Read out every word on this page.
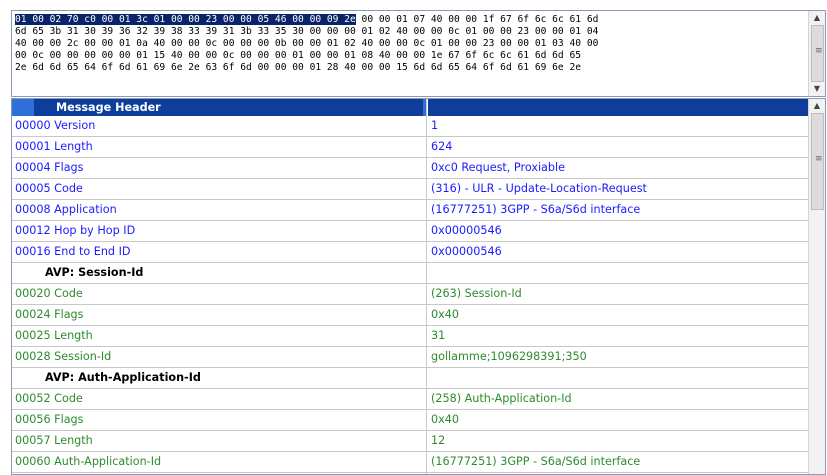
01 00 02 70 c0 00 01 3c 01 00 00 23 00 00 05 46 00 00 09 2e 00 00 01 07 40 00 00 1f 67 6f 6c 6c 61 6d
6d 65 3b 31 30 39 36 32 39 38 33 39 31 3b 33 35 30 00 00 00 01 02 40 00 00 0c 01 00 00 23 00 00 01 04
40 00 00 2c 00 00 01 0a 40 00 00 0c 00 00 00 0b 00 00 01 02 40 00 00 0c 01 00 00 23 00 00 01 03 40 00
00 0c 00 00 00 00 00 01 15 40 00 00 0c 00 00 00 01 00 00 01 08 40 00 00 1e 67 6f 6c 6c 61 6d 6d 65
2e 6d 6d 65 64 6f 6d 61 69 6e 2e 63 6f 6d 00 00 00 01 28 40 00 00 15 6d 6d 65 64 6f 6d 61 69 6e 2e
▲
≡
▼
Message Header
00000 Version	1
00001 Length	624
00004 Flags	0xc0 Request, Proxiable
00005 Code	(316) - ULR - Update-Location-Request
00008 Application	(16777251) 3GPP - S6a/S6d interface
00012 Hop by Hop ID	0x00000546
00016 End to End ID	0x00000546
AVP: Session-Id
00020 Code	(263) Session-Id
00024 Flags	0x40
00025 Length	31
00028 Session-Id	gollamme;1096298391;350
AVP: Auth-Application-Id
00052 Code	(258) Auth-Application-Id
00056 Flags	0x40
00057 Length	12
00060 Auth-Application-Id	(16777251) 3GPP - S6a/S6d interface
▲
≡
